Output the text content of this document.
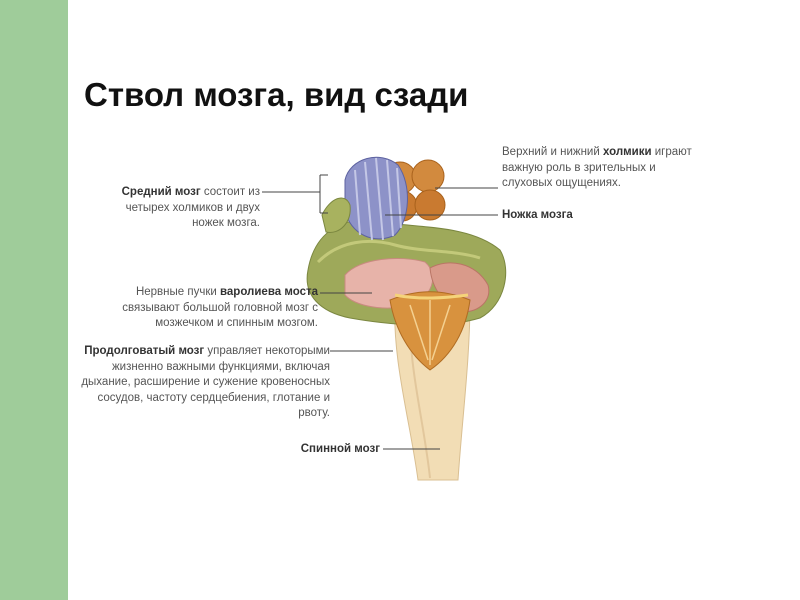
Ствол мозга, вид сзади
Средний мозг состоит из
четырех холмиков и двух
ножек мозга.
Верхний и нижний холмики играют
важную роль в зрительных и
слуховых ощущениях.
Ножка мозга
Нервные пучки варолиева моста
связывают большой головной мозг с
мозжечком и спинным мозгом.
Продолговатый мозг управляет некоторыми
жизненно важными функциями, включая
дыхание, расширение и сужение кровеносных
сосудов, частоту сердцебиения, глотание и
рвоту.
Спинной мозг
